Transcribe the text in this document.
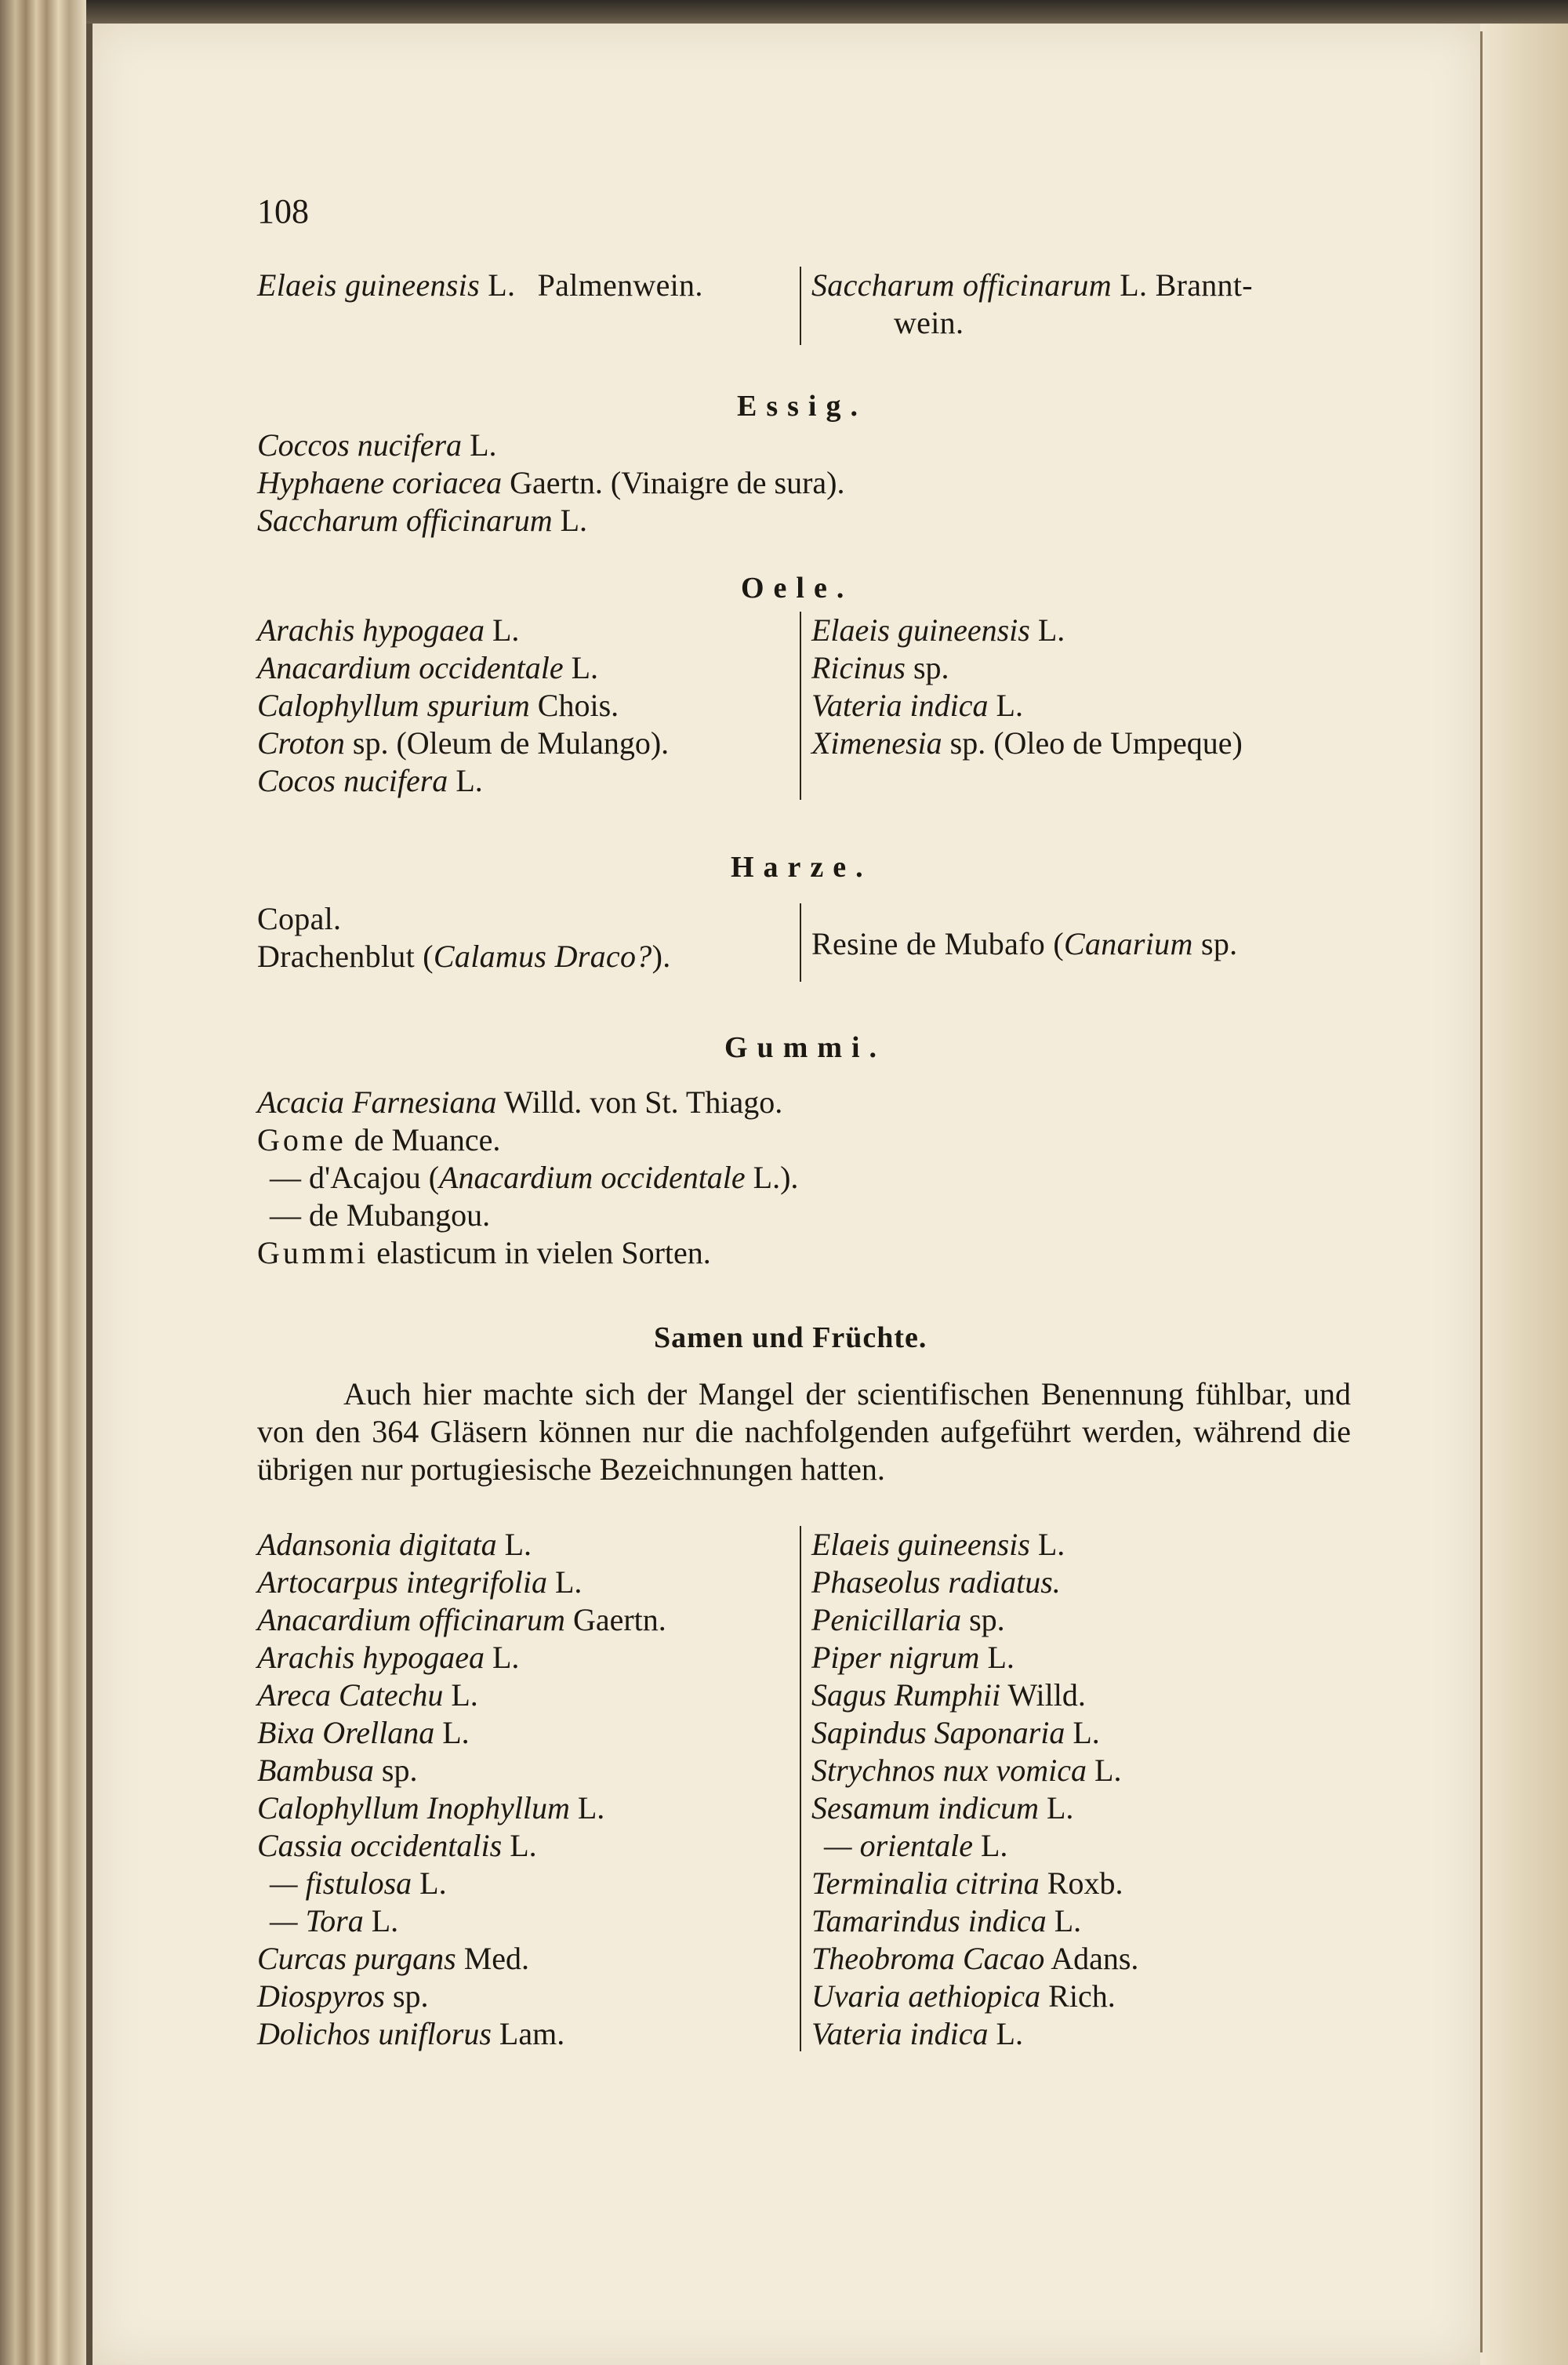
108
Elaeis guineensis L. Palmenwein.	Saccharum officinarum L. Brannt-
wein.
Essig.
Coccos nucifera L.
Hyphaene coriacea Gaertn. (Vinaigre de sura).
Saccharum officinarum L.
Oele.
Arachis hypogaea L.
Anacardium occidentale L.
Calophyllum spurium Chois.
Croton sp. (Oleum de Mulango).
Cocos nucifera L.
Elaeis guineensis L.
Ricinus sp.
Vateria indica L.
Ximenesia sp. (Oleo de Umpeque)
Harze.
Copal.
Drachenblut (Calamus Draco?).	Resine de Mubafo (Canarium sp.
Gummi.
Acacia Farnesiana Willd. von St. Thiago.
Gome de Muance.
— d'Acajou (Anacardium occidentale L.).
— de Mubangou.
Gummi elasticum in vielen Sorten.
Samen und Früchte.
Auch hier machte sich der Mangel der scientifischen Benennung fühlbar, und von den 364 Gläsern können nur die nachfolgenden aufgeführt werden, während die übrigen nur portugiesische Bezeichnungen hatten.
Adansonia digitata L.
Artocarpus integrifolia L.
Anacardium officinarum Gaertn.
Arachis hypogaea L.
Areca Catechu L.
Bixa Orellana L.
Bambusa sp.
Calophyllum Inophyllum L.
Cassia occidentalis L.
— fistulosa L.
— Tora L.
Curcas purgans Med.
Diospyros sp.
Dolichos uniflorus Lam.
Elaeis guineensis L.
Phaseolus radiatus.
Penicillaria sp.
Piper nigrum L.
Sagus Rumphii Willd.
Sapindus Saponaria L.
Strychnos nux vomica L.
Sesamum indicum L.
— orientale L.
Terminalia citrina Roxb.
Tamarindus indica L.
Theobroma Cacao Adans.
Uvaria aethiopica Rich.
Vateria indica L.
